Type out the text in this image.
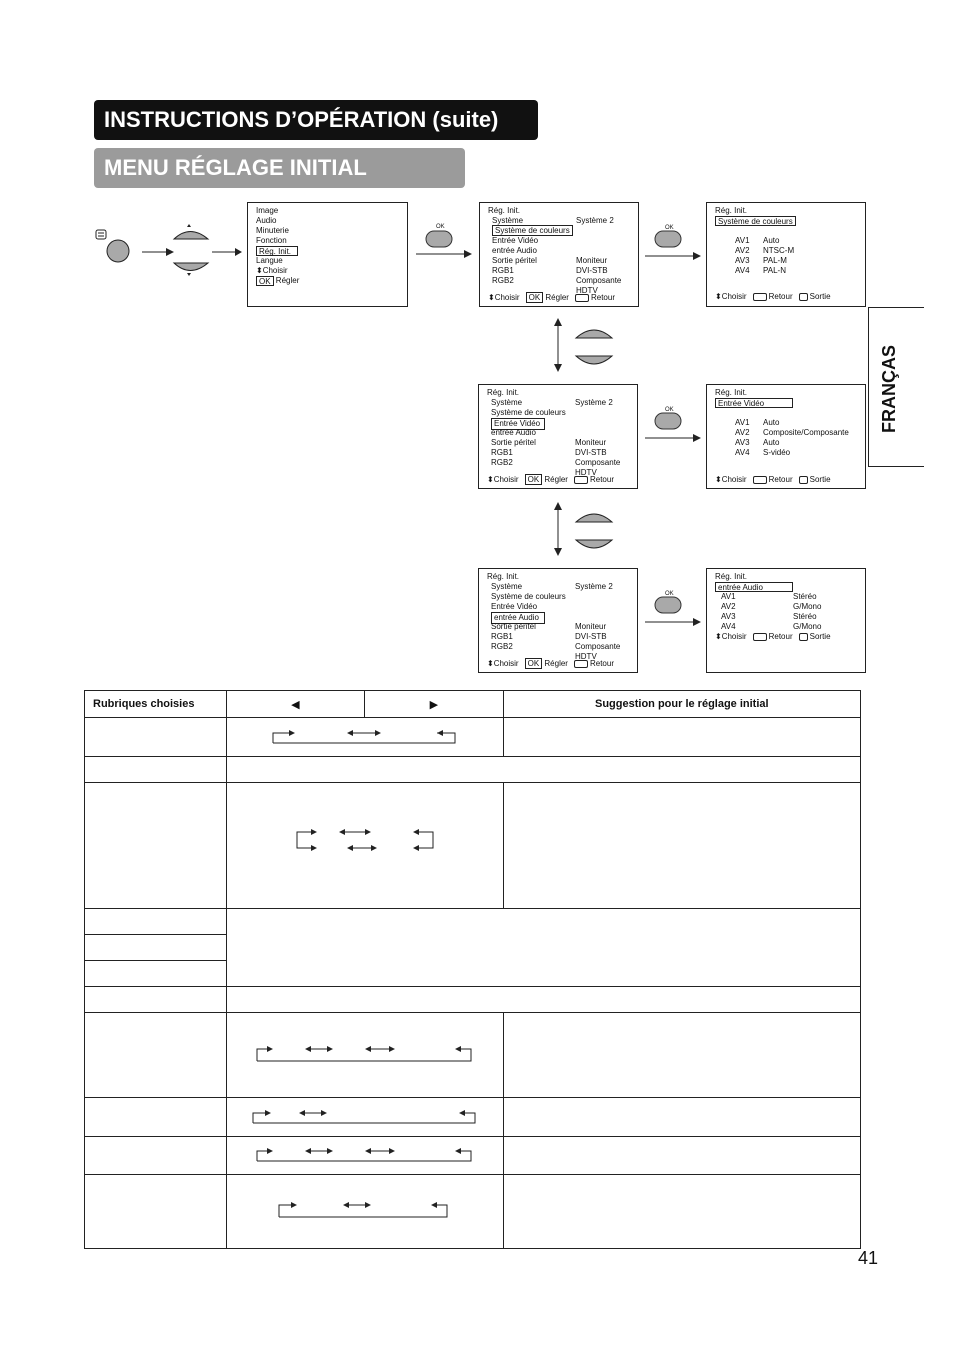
INSTRUCTIONS D’OPÉRATION (suite)
MENU RÉGLAGE INITIAL
FRANÇAS
Image
Audio
Minuterie
Fonction
Rég. Init.
Langue
⬍ Choisir
OK
Régler
OK
Rég. Init.
Système	Système 2
Système de couleurs
Entrée Vidéo
entrée Audio
Sortie péritel	Moniteur
RGB1	DVI-STB
RGB2	Composante
HDTV
⬍Choisir	OK Régler	Retour
OK
Rég. Init.
Système de couleurs
AV1	Auto
AV2	NTSC-M
AV3	PAL-M
AV4	PAL-N
⬍Choisir	Retour	Sortie
Rég. Init.
Système	Système 2
Système de couleurs
Entrée Vidéo
entrée Audio
Sortie péritel	Moniteur
RGB1	DVI-STB
RGB2	Composante
HDTV
⬍Choisir	OK Régler	Retour
OK
Rég. Init.
Entrée Vidéo
AV1	Auto
AV2	Composite/Composante
AV3	Auto
AV4	S-vidéo
⬍Choisir	Retour	Sortie
Rég. Init.
Système	Système 2
Système de couleurs
Entrée Vidéo
entrée Audio
Sortie péritel	Moniteur
RGB1	DVI-STB
RGB2	Composante
HDTV
⬍Choisir	OK Régler	Retour
OK
Rég. Init.
entrée Audio
AV1	Stéréo
AV2	G/Mono
AV3	Stéréo
AV4	G/Mono
⬍Choisir	Retour	Sortie
Rubriques choisies	◀	▶	Suggestion pour le réglage initial

41
